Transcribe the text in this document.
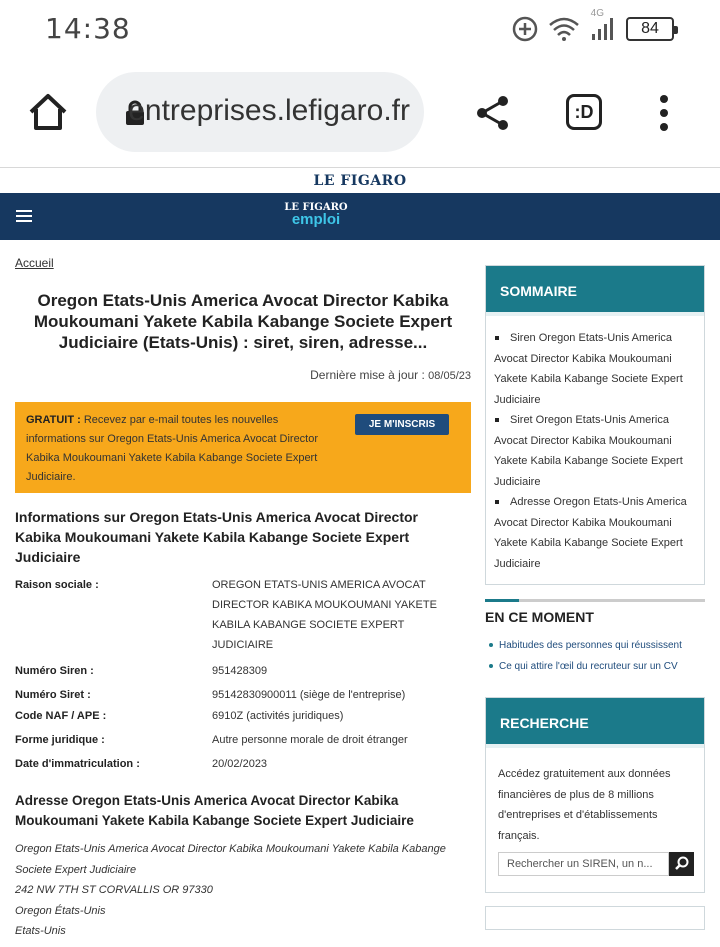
14:38	4G
84
entreprises.lefigaro.fr	:D
LE FIGARO
LE FIGARO
emploi
Accueil
Oregon Etats-Unis America Avocat Director Kabika Moukoumani Yakete Kabila Kabange Societe Expert Judiciaire (Etats-Unis) : siret, siren, adresse...
Dernière mise à jour : 08/05/23
GRATUIT : Recevez par e-mail toutes les nouvelles informations sur Oregon Etats-Unis America Avocat Director Kabika Moukoumani Yakete Kabila Kabange Societe Expert Judiciaire.
JE M'INSCRIS
Informations sur Oregon Etats-Unis America Avocat Director Kabika Moukoumani Yakete Kabila Kabange Societe Expert Judiciaire
Raison sociale :	OREGON ETATS-UNIS AMERICA AVOCAT DIRECTOR KABIKA MOUKOUMANI YAKETE KABILA KABANGE SOCIETE EXPERT JUDICIAIRE
Numéro Siren :	951428309
Numéro Siret :	95142830900011 (siège de l'entreprise)
Code NAF / APE :	6910Z (activités juridiques)
Forme juridique :	Autre personne morale de droit étranger
Date d'immatriculation :	20/02/2023
Adresse Oregon Etats-Unis America Avocat Director Kabika Moukoumani Yakete Kabila Kabange Societe Expert Judiciaire
Oregon Etats-Unis America Avocat Director Kabika Moukoumani Yakete Kabila Kabange Societe Expert Judiciaire
242 NW 7TH ST CORVALLIS OR 97330
Oregon États-Unis
Etats-Unis
SOMMAIRE
Siren Oregon Etats-Unis America Avocat Director Kabika Moukoumani Yakete Kabila Kabange Societe Expert Judiciaire
Siret Oregon Etats-Unis America Avocat Director Kabika Moukoumani Yakete Kabila Kabange Societe Expert Judiciaire
Adresse Oregon Etats-Unis America Avocat Director Kabika Moukoumani Yakete Kabila Kabange Societe Expert Judiciaire
EN CE MOMENT
Habitudes des personnes qui réussissent
Ce qui attire l'œil du recruteur sur un CV
RECHERCHE
Accédez gratuitement aux données financières de plus de 8 millions d'entreprises et d'établissements français.
Rechercher un SIREN, un n...
